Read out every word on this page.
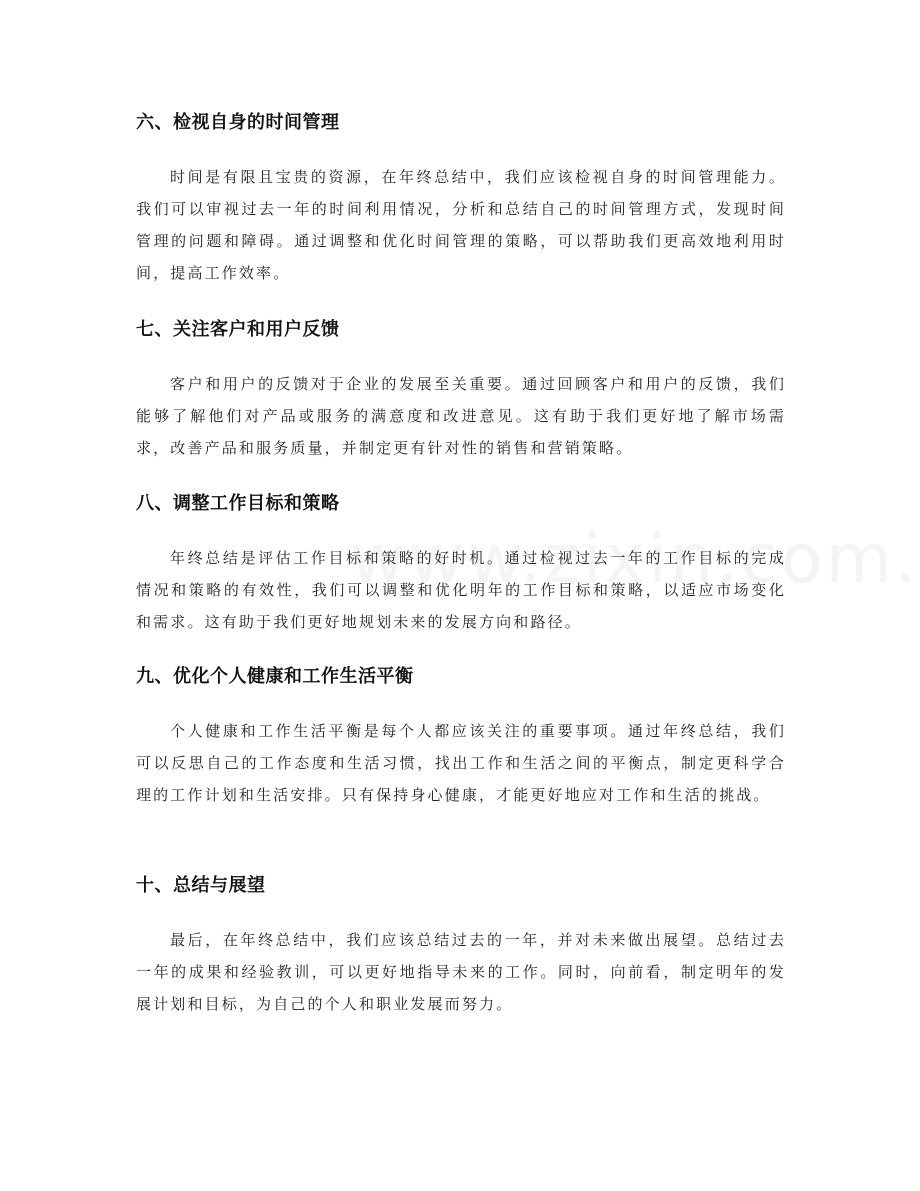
六、检视自身的时间管理

时间是有限且宝贵的资源，在年终总结中，我们应该检视自身的时间管理能力。我们可以审视过去一年的时间利用情况，分析和总结自己的时间管理方式，发现时间管理的问题和障碍。通过调整和优化时间管理的策略，可以帮助我们更高效地利用时间，提高工作效率。

七、关注客户和用户反馈

客户和用户的反馈对于企业的发展至关重要。通过回顾客户和用户的反馈，我们能够了解他们对产品或服务的满意度和改进意见。这有助于我们更好地了解市场需求，改善产品和服务质量，并制定更有针对性的销售和营销策略。

八、调整工作目标和策略

年终总结是评估工作目标和策略的好时机。通过检视过去一年的工作目标的完成情况和策略的有效性，我们可以调整和优化明年的工作目标和策略，以适应市场变化和需求。这有助于我们更好地规划未来的发展方向和路径。

九、优化个人健康和工作生活平衡

个人健康和工作生活平衡是每个人都应该关注的重要事项。通过年终总结，我们可以反思自己的工作态度和生活习惯，找出工作和生活之间的平衡点，制定更科学合理的工作计划和生活安排。只有保持身心健康，才能更好地应对工作和生活的挑战。

十、总结与展望

最后，在年终总结中，我们应该总结过去的一年，并对未来做出展望。总结过去一年的成果和经验教训，可以更好地指导未来的工作。同时，向前看，制定明年的发展计划和目标，为自己的个人和职业发展而努力。
